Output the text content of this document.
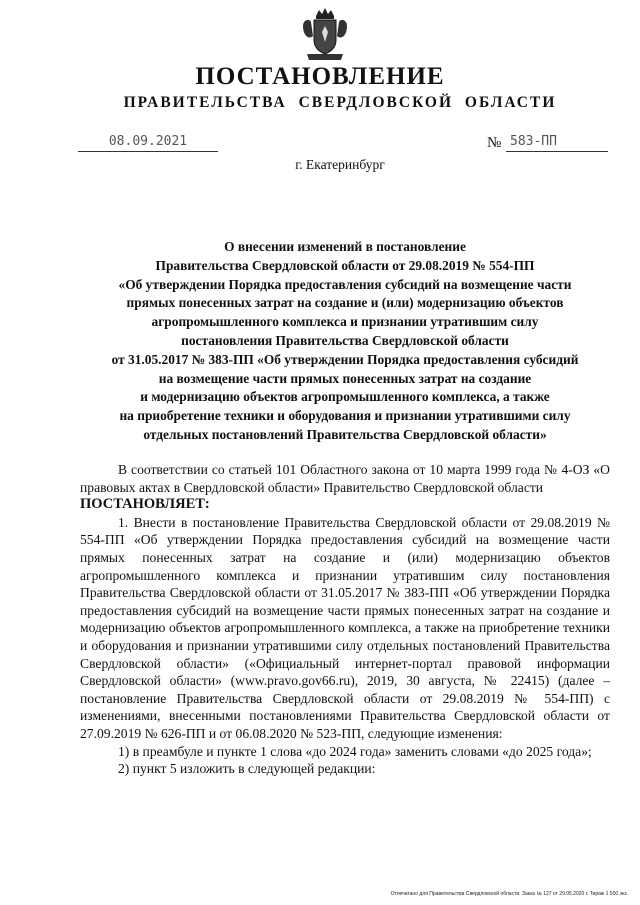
ПОСТАНОВЛЕНИЕ
ПРАВИТЕЛЬСТВА СВЕРДЛОВСКОЙ ОБЛАСТИ
08.09.2021	№ 583-ПП
г. Екатеринбург
О внесении изменений в постановление
Правительства Свердловской области от 29.08.2019 № 554-ПП
«Об утверждении Порядка предоставления субсидий на возмещение части
прямых понесенных затрат на создание и (или) модернизацию объектов
агропромышленного комплекса и признании утратившим силу
постановления Правительства Свердловской области
от 31.05.2017 № 383-ПП «Об утверждении Порядка предоставления субсидий
на возмещение части прямых понесенных затрат на создание
и модернизацию объектов агропромышленного комплекса, а также
на приобретение техники и оборудования и признании утратившими силу
отдельных постановлений Правительства Свердловской области»

В соответствии со статьей 101 Областного закона от 10 марта 1999 года № 4-ОЗ «О правовых актах в Свердловской области» Правительство Свердловской области

ПОСТАНОВЛЯЕТ:

1. Внести в постановление Правительства Свердловской области от 29.08.2019 № 554-ПП «Об утверждении Порядка предоставления субсидий на возмещение части прямых понесенных затрат на создание и (или) модернизацию объектов агропромышленного комплекса и признании утратившим силу постановления Правительства Свердловской области от 31.05.2017 № 383-ПП «Об утверждении Порядка предоставления субсидий на возмещение части прямых понесенных затрат на создание и модернизацию объектов агропромышленного комплекса, а также на приобретение техники и оборудования и признании утратившими силу отдельных постановлений Правительства Свердловской области» («Официальный интернет-портал правовой информации Свердловской области» (www.pravo.gov66.ru), 2019, 30 августа, № 22415) (далее – постановление Правительства Свердловской области от 29.08.2019 № 554-ПП) с изменениями, внесенными постановлениями Правительства Свердловской области от 27.09.2019 № 626-ПП и от 06.08.2020 № 523-ПП, следующие изменения:

1) в преамбуле и пункте 1 слова «до 2024 года» заменить словами «до 2025 года»;

2) пункт 5 изложить в следующей редакции:

Отпечатано для Правительства Свердловской области. Заказ № 127 от 29.05.2020 г. Тираж 1 500 экз.
